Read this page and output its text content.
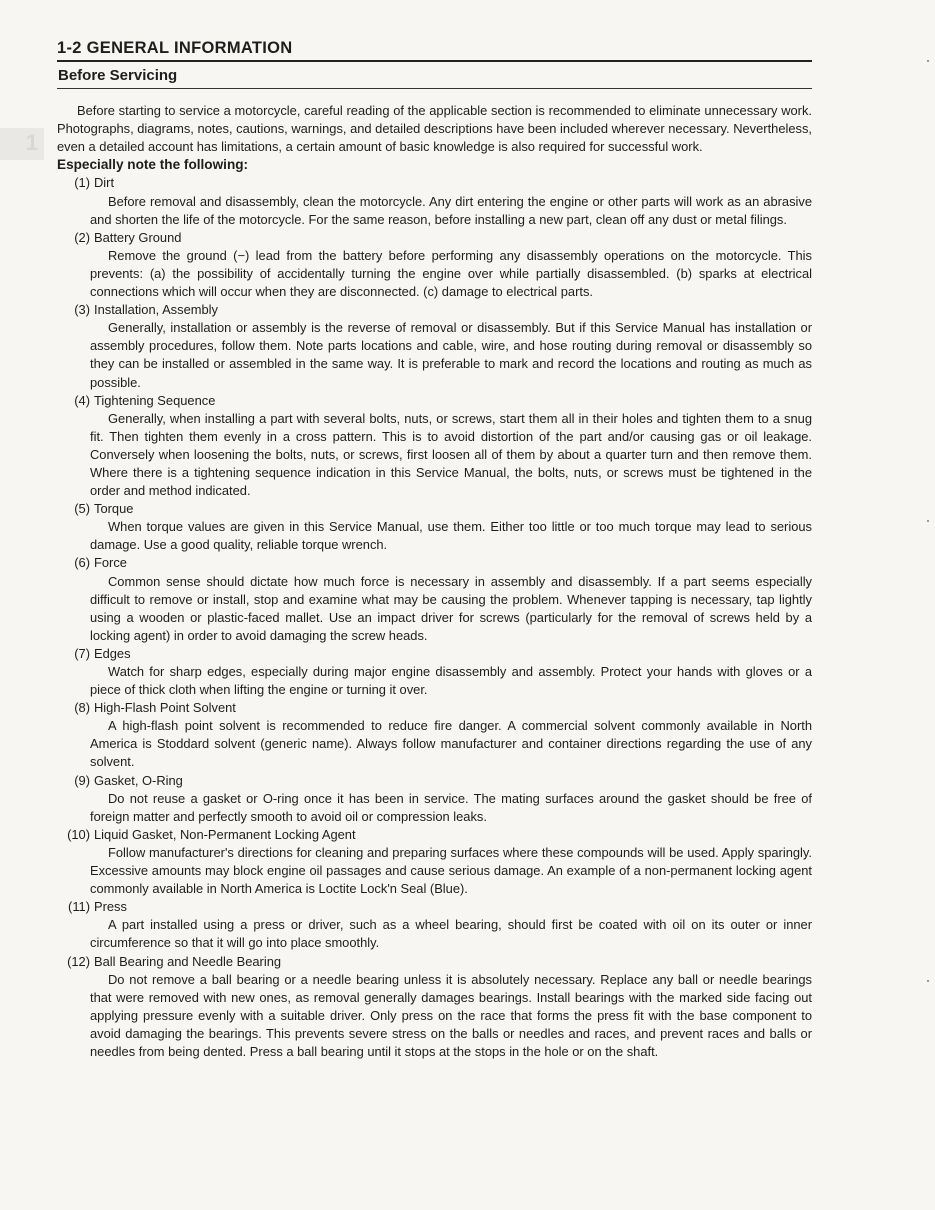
1
1-2 GENERAL INFORMATION
Before Servicing

Before starting to service a motorcycle, careful reading of the applicable section is recommended to eliminate unnecessary work. Photographs, diagrams, notes, cautions, warnings, and detailed descriptions have been included wherever necessary. Nevertheless, even a detailed account has limitations, a certain amount of basic knowledge is also required for successful work.

Especially note the following:
(1) Dirt
Before removal and disassembly, clean the motorcycle. Any dirt entering the engine or other parts will work as an abrasive and shorten the life of the motorcycle. For the same reason, before installing a new part, clean off any dust or metal filings.
(2) Battery Ground
Remove the ground (−) lead from the battery before performing any disassembly operations on the motorcycle. This prevents: (a) the possibility of accidentally turning the engine over while partially disassembled. (b) sparks at electrical connections which will occur when they are disconnected. (c) damage to electrical parts.
(3) Installation, Assembly
Generally, installation or assembly is the reverse of removal or disassembly. But if this Service Manual has installation or assembly procedures, follow them. Note parts locations and cable, wire, and hose routing during removal or disassembly so they can be installed or assembled in the same way. It is preferable to mark and record the locations and routing as much as possible.
(4) Tightening Sequence
Generally, when installing a part with several bolts, nuts, or screws, start them all in their holes and tighten them to a snug fit. Then tighten them evenly in a cross pattern. This is to avoid distortion of the part and/or causing gas or oil leakage. Conversely when loosening the bolts, nuts, or screws, first loosen all of them by about a quarter turn and then remove them. Where there is a tightening sequence indication in this Service Manual, the bolts, nuts, or screws must be tightened in the order and method indicated.
(5) Torque
When torque values are given in this Service Manual, use them. Either too little or too much torque may lead to serious damage. Use a good quality, reliable torque wrench.
(6) Force
Common sense should dictate how much force is necessary in assembly and disassembly. If a part seems especially difficult to remove or install, stop and examine what may be causing the problem. Whenever tapping is necessary, tap lightly using a wooden or plastic-faced mallet. Use an impact driver for screws (particularly for the removal of screws held by a locking agent) in order to avoid damaging the screw heads.
(7) Edges
Watch for sharp edges, especially during major engine disassembly and assembly. Protect your hands with gloves or a piece of thick cloth when lifting the engine or turning it over.
(8) High-Flash Point Solvent
A high-flash point solvent is recommended to reduce fire danger. A commercial solvent commonly available in North America is Stoddard solvent (generic name). Always follow manufacturer and container directions regarding the use of any solvent.
(9) Gasket, O-Ring
Do not reuse a gasket or O-ring once it has been in service. The mating surfaces around the gasket should be free of foreign matter and perfectly smooth to avoid oil or compression leaks.
(10) Liquid Gasket, Non-Permanent Locking Agent
Follow manufacturer's directions for cleaning and preparing surfaces where these compounds will be used. Apply sparingly. Excessive amounts may block engine oil passages and cause serious damage. An example of a non-permanent locking agent commonly available in North America is Loctite Lock'n Seal (Blue).
(11) Press
A part installed using a press or driver, such as a wheel bearing, should first be coated with oil on its outer or inner circumference so that it will go into place smoothly.
(12) Ball Bearing and Needle Bearing
Do not remove a ball bearing or a needle bearing unless it is absolutely necessary. Replace any ball or needle bearings that were removed with new ones, as removal generally damages bearings. Install bearings with the marked side facing out applying pressure evenly with a suitable driver. Only press on the race that forms the press fit with the base component to avoid damaging the bearings. This prevents severe stress on the balls or needles and races, and prevent races and balls or needles from being dented. Press a ball bearing until it stops at the stops in the hole or on the shaft.
